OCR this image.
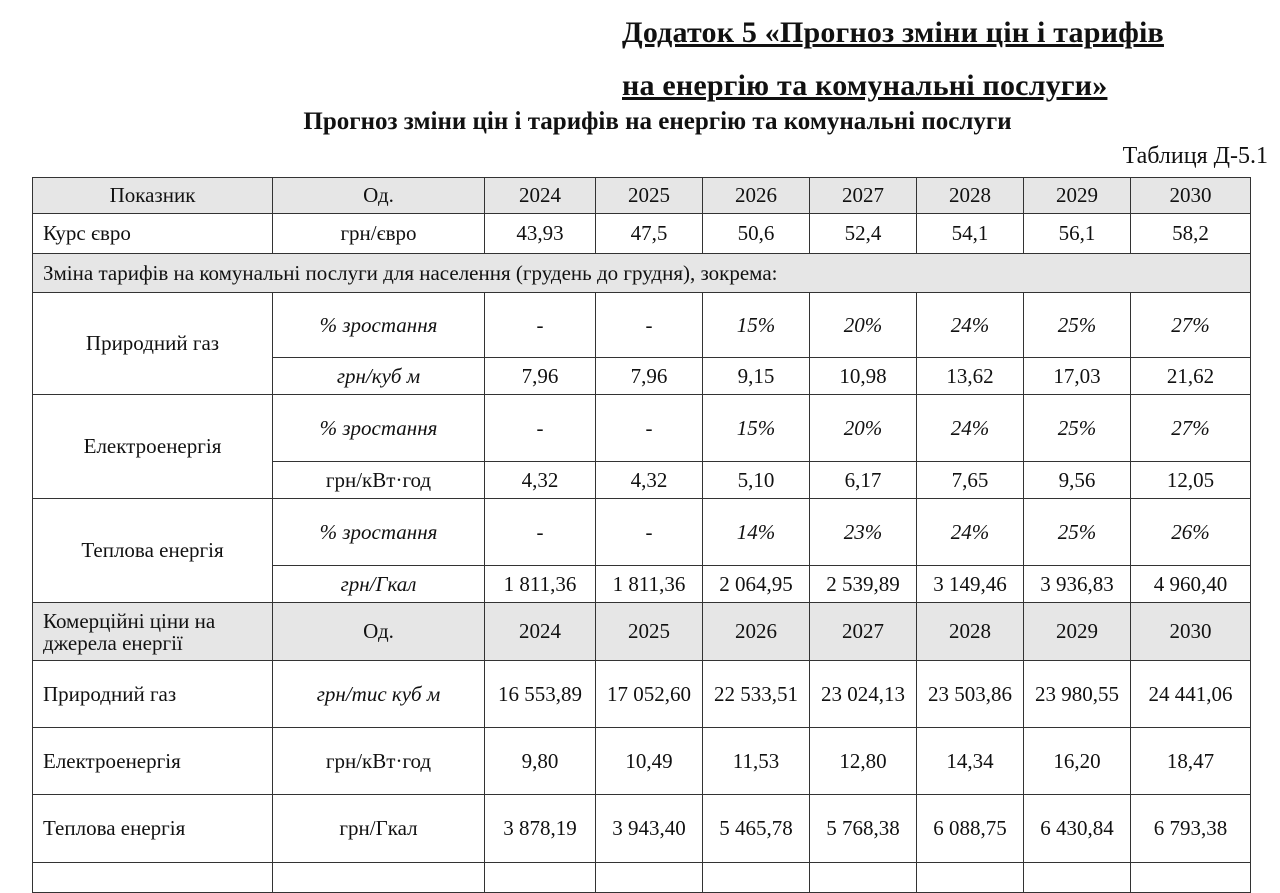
Додаток 5 «Прогноз зміни цін і тарифів
на енергію та комунальні послуги»
Прогноз зміни цін і тарифів на енергію та комунальні послуги
Таблиця Д-5.1
Показник	Од.	2024	2025	2026	2027	2028	2029	2030
Курс євро	грн/євро	43,93	47,5	50,6	52,4	54,1	56,1	58,2
Зміна тарифів на комунальні послуги для населення (грудень до грудня), зокрема:								
Природний газ	% зростання	-	-	15%	20%	24%	25%	27%
	грн/куб м	7,96	7,96	9,15	10,98	13,62	17,03	21,62
Електроенергія	% зростання	-	-	15%	20%	24%	25%	27%
	грн/кВт·год	4,32	4,32	5,10	6,17	7,65	9,56	12,05
Теплова енергія	% зростання	-	-	14%	23%	24%	25%	26%
	грн/Гкал	1 811,36	1 811,36	2 064,95	2 539,89	3 149,46	3 936,83	4 960,40
Комерційні ціни на джерела енергії	Од.	2024	2025	2026	2027	2028	2029	2030
Природний газ	грн/тис куб м	16 553,89	17 052,60	22 533,51	23 024,13	23 503,86	23 980,55	24 441,06
Електроенергія	грн/кВт·год	9,80	10,49	11,53	12,80	14,34	16,20	18,47
Теплова енергія	грн/Гкал	3 878,19	3 943,40	5 465,78	5 768,38	6 088,75	6 430,84	6 793,38
